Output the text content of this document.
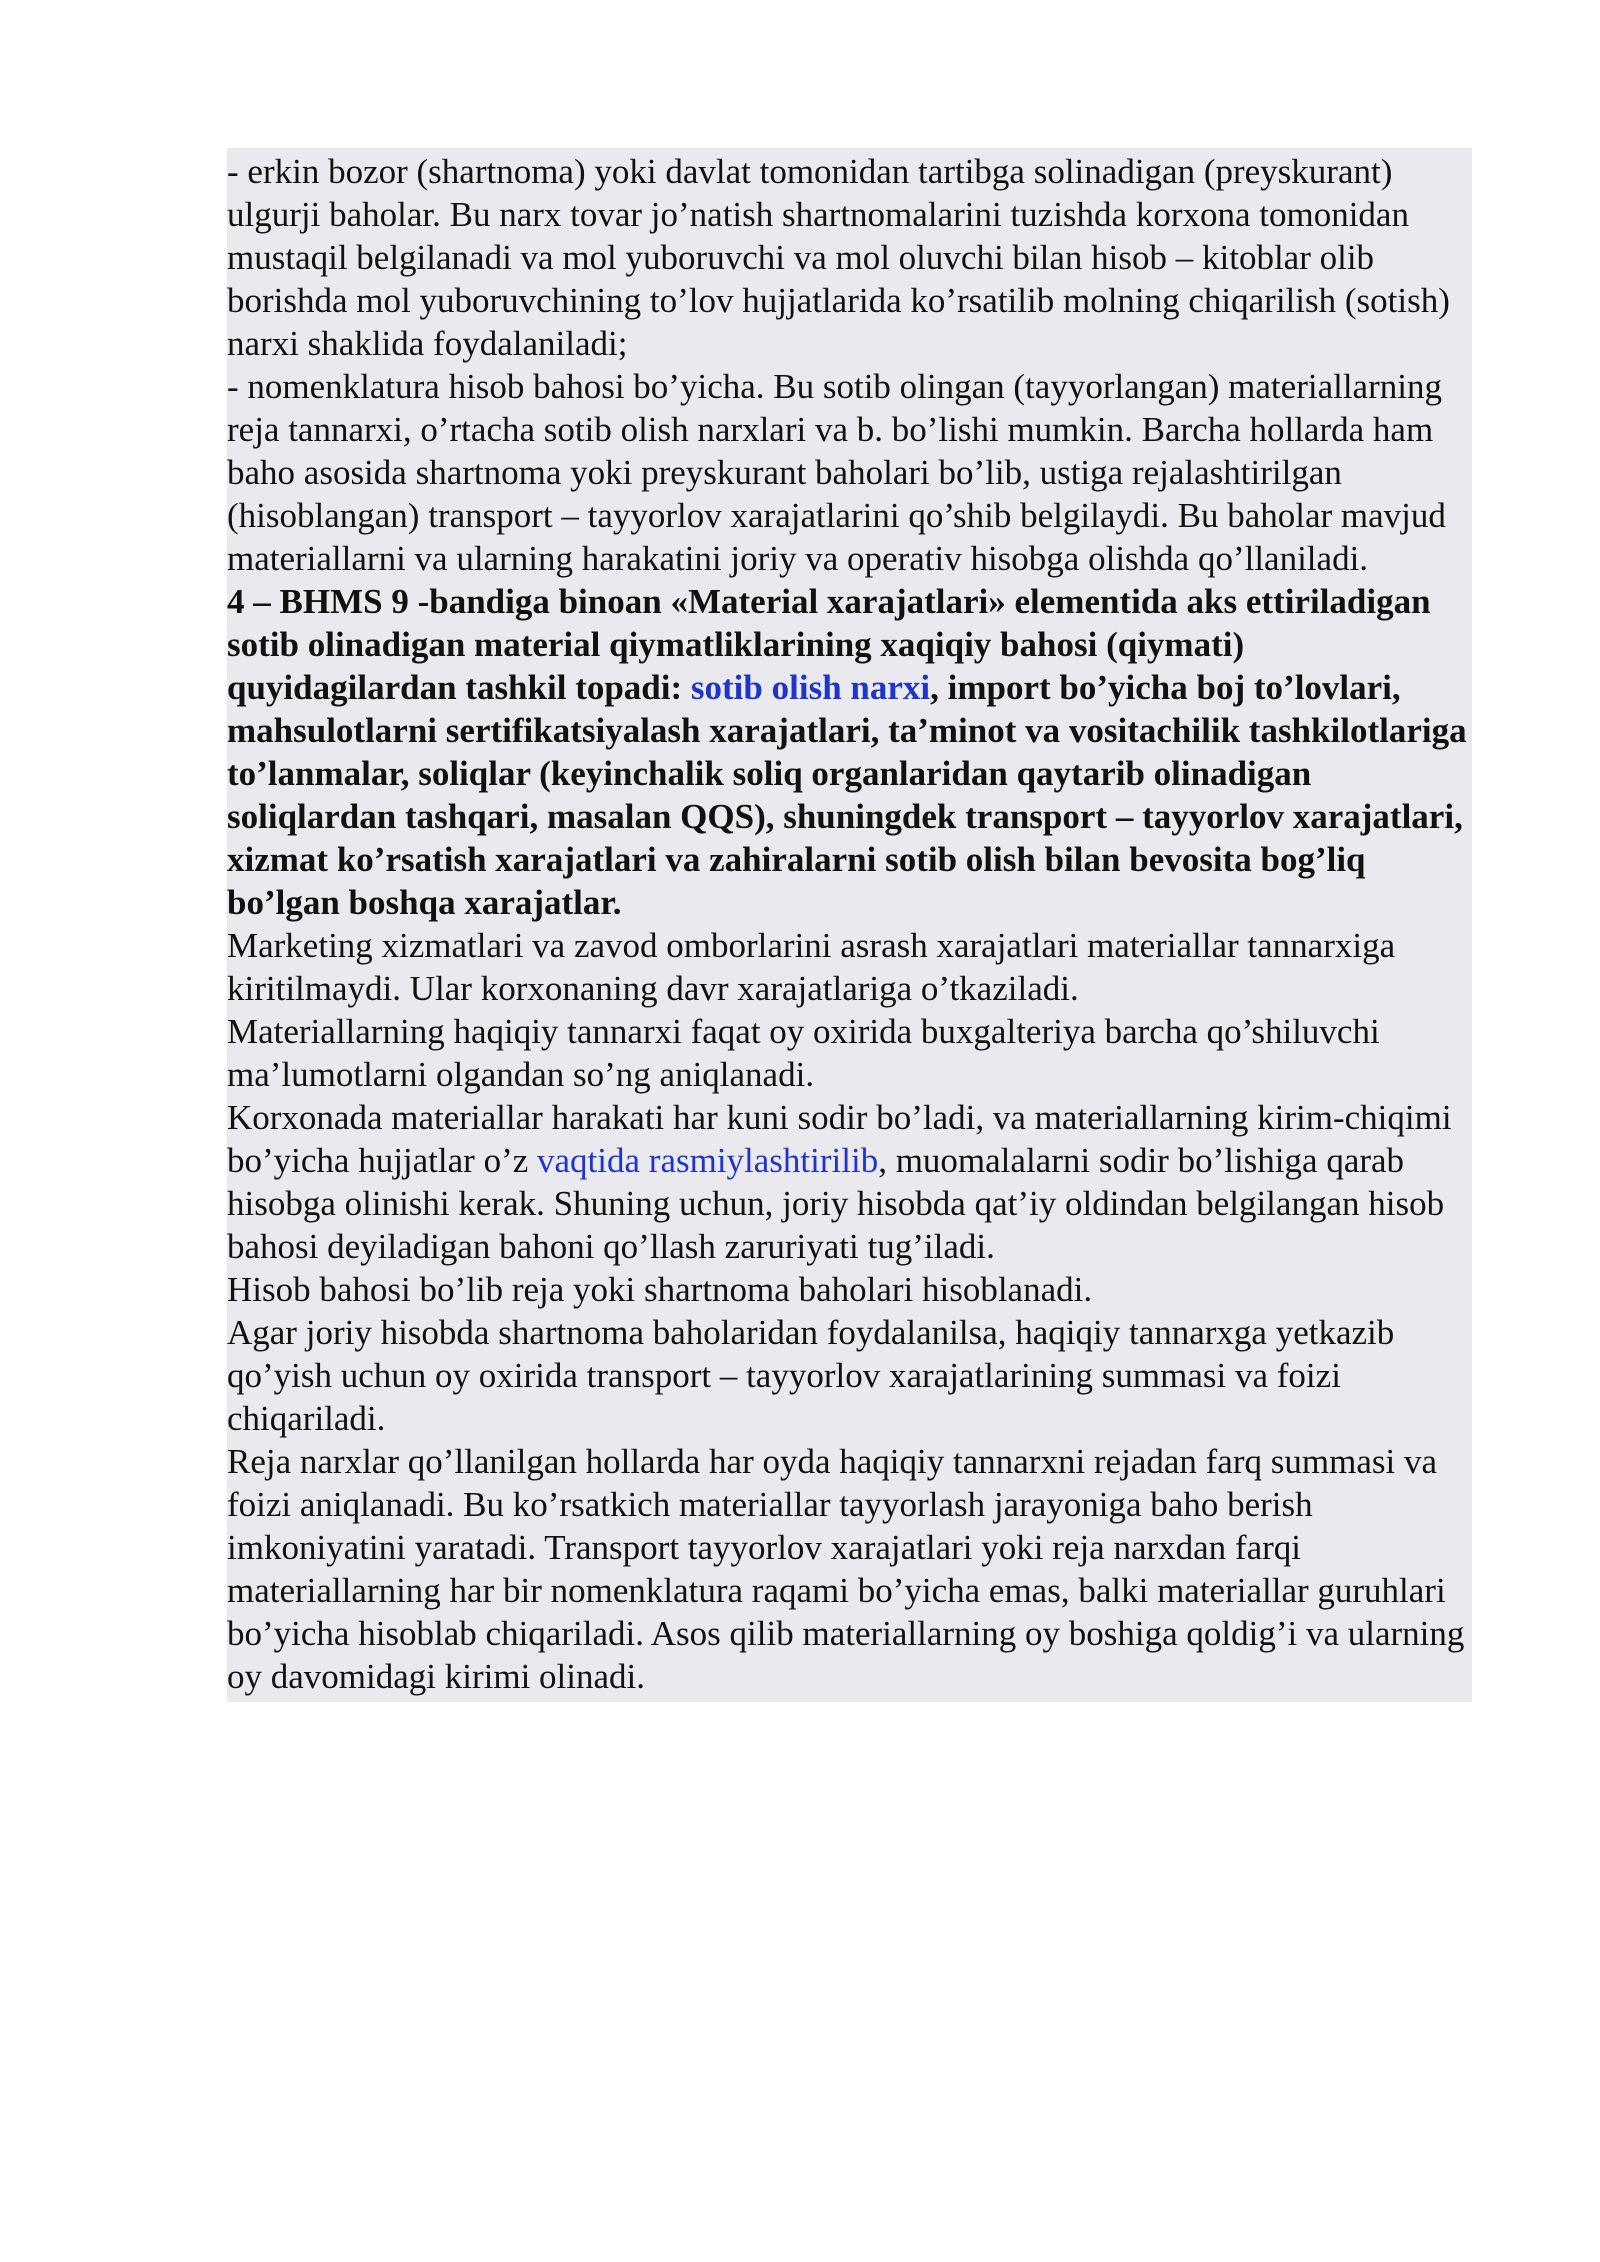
- erkin bozor (shartnoma) yoki davlat tomonidan tartibga solinadigan (preyskurant) ulgurji baholar. Bu narx tovar jo’natish shartnomalarini tuzishda korxona tomonidan mustaqil belgilanadi va mol yuboruvchi va mol oluvchi bilan hisob – kitoblar olib borishda mol yuboruvchining to’lov hujjatlarida ko’rsatilib molning chiqarilish (sotish) narxi shaklida foydalaniladi;

- nomenklatura hisob bahosi bo’yicha. Bu sotib olingan (tayyorlangan) materiallarning reja tannarxi, o’rtacha sotib olish narxlari va b. bo’lishi mumkin. Barcha hollarda ham baho asosida shartnoma yoki preyskurant baholari bo’lib, ustiga rejalashtirilgan (hisoblangan) transport – tayyorlov xarajatlarini qo’shib belgilaydi. Bu baholar mavjud materiallarni va ularning harakatini joriy va operativ hisobga olishda qo’llaniladi.

4 – BHMS 9 -bandiga binoan «Material xarajatlari» elementida aks ettiriladigan sotib olinadigan material qiymatliklarining xaqiqiy bahosi (qiymati) quyidagilardan tashkil topadi: sotib olish narxi, import bo’yicha boj to’lovlari, mahsulotlarni sertifikatsiyalash xarajatlari, ta’minot va vositachilik tashkilotlariga to’lanmalar, soliqlar (keyinchalik soliq organlaridan qaytarib olinadigan soliqlardan tashqari, masalan QQS), shuningdek transport – tayyorlov xarajatlari, xizmat ko’rsatish xarajatlari va zahiralarni sotib olish bilan bevosita bog’liq bo’lgan boshqa xarajatlar.

Marketing xizmatlari va zavod omborlarini asrash xarajatlari materiallar tannarxiga kiritilmaydi. Ular korxonaning davr xarajatlariga o’tkaziladi.

Materiallarning haqiqiy tannarxi faqat oy oxirida buxgalteriya barcha qo’shiluvchi ma’lumotlarni olgandan so’ng aniqlanadi.

Korxonada materiallar harakati har kuni sodir bo’ladi, va materiallarning kirim-chiqimi bo’yicha hujjatlar o’z vaqtida rasmiylashtirilib, muomalalarni sodir bo’lishiga qarab hisobga olinishi kerak. Shuning uchun, joriy hisobda qat’iy oldindan belgilangan hisob bahosi deyiladigan bahoni qo’llash zaruriyati tug’iladi.

Hisob bahosi bo’lib reja yoki shartnoma baholari hisoblanadi.

Agar joriy hisobda shartnoma baholaridan foydalanilsa, haqiqiy tannarxga yetkazib qo’yish uchun oy oxirida transport – tayyorlov xarajatlarining summasi va foizi chiqariladi.

Reja narxlar qo’llanilgan hollarda har oyda haqiqiy tannarxni rejadan farq summasi va foizi aniqlanadi. Bu ko’rsatkich materiallar tayyorlash jarayoniga baho berish imkoniyatini yaratadi. Transport tayyorlov xarajatlari yoki reja narxdan farqi materiallarning har bir nomenklatura raqami bo’yicha emas, balki materiallar guruhlari bo’yicha hisoblab chiqariladi. Asos qilib materiallarning oy boshiga qoldig’i va ularning oy davomidagi kirimi olinadi.
